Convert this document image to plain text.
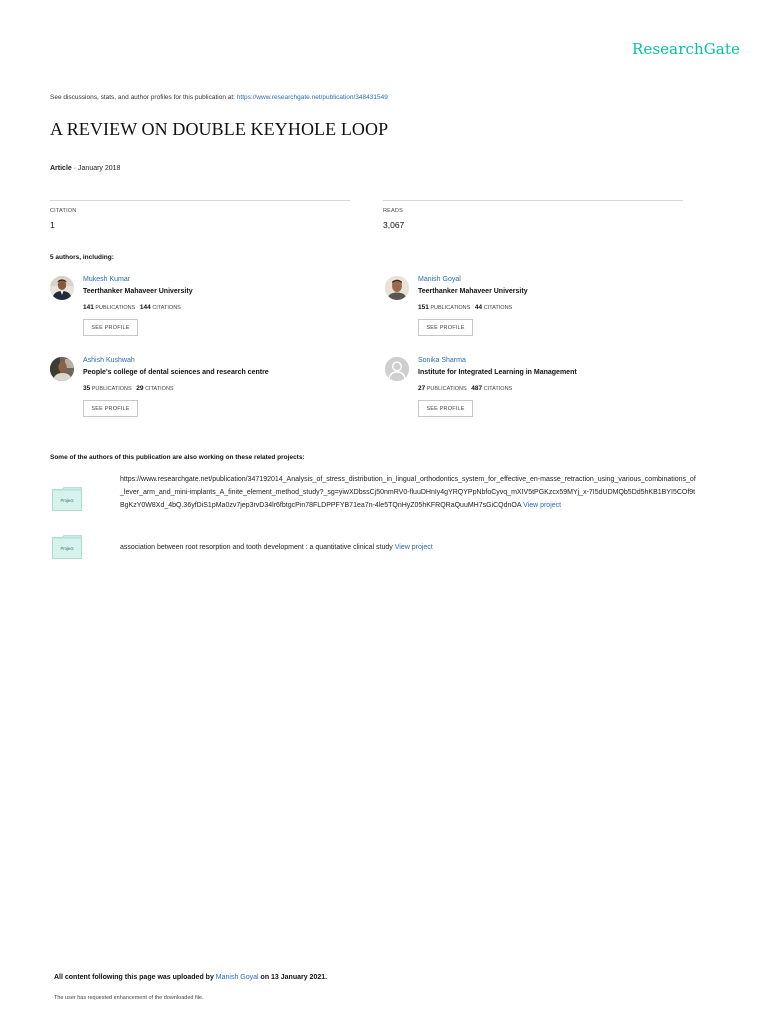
ResearchGate
See discussions, stats, and author profiles for this publication at: https://www.researchgate.net/publication/348431549
A REVIEW ON DOUBLE KEYHOLE LOOP
Article · January 2018
CITATION
1
READS
3,067
5 authors, including:
Mukesh Kumar
Teerthanker Mahaveer University
141 PUBLICATIONS 144 CITATIONS
SEE PROFILE
Manish Goyal
Teerthanker Mahaveer University
151 PUBLICATIONS 44 CITATIONS
SEE PROFILE
Ashish Kushwah
People's college of dental sciences and research centre
35 PUBLICATIONS 29 CITATIONS
SEE PROFILE
Sonika Sharma
Institute for Integrated Learning in Management
27 PUBLICATIONS 487 CITATIONS
SEE PROFILE
Some of the authors of this publication are also working on these related projects:
Project
https://www.researchgate.net/publication/347192014_Analysis_of_stress_distribution_in_lingual_orthodontics_system_for_effective_en-masse_retraction_using_various_combinations_of_lever_arm_and_mini-implants_A_finite_element_method_study?_sg=yiwXDbssCj50nmRV0-fluuDHnIy4gYRQYPpNbfoCyvq_mXIV5tPGKzcx59MYj_x-7I5dUDMQb5Dd5hKB1BYI5COf9tBgKzY0W8Xd_4bQ.36yfDiS1pMa0zv7jep3rvD34lr6fbtgcPin78FLDPPFYB71ea7n-4le5TQnHyZ05hKFRQRaQuuMH7sGiCQdnOA View project
Project	association between root resorption and tooth development : a quantitative clinical study View project
All content following this page was uploaded by Manish Goyal on 13 January 2021.
The user has requested enhancement of the downloaded file.
